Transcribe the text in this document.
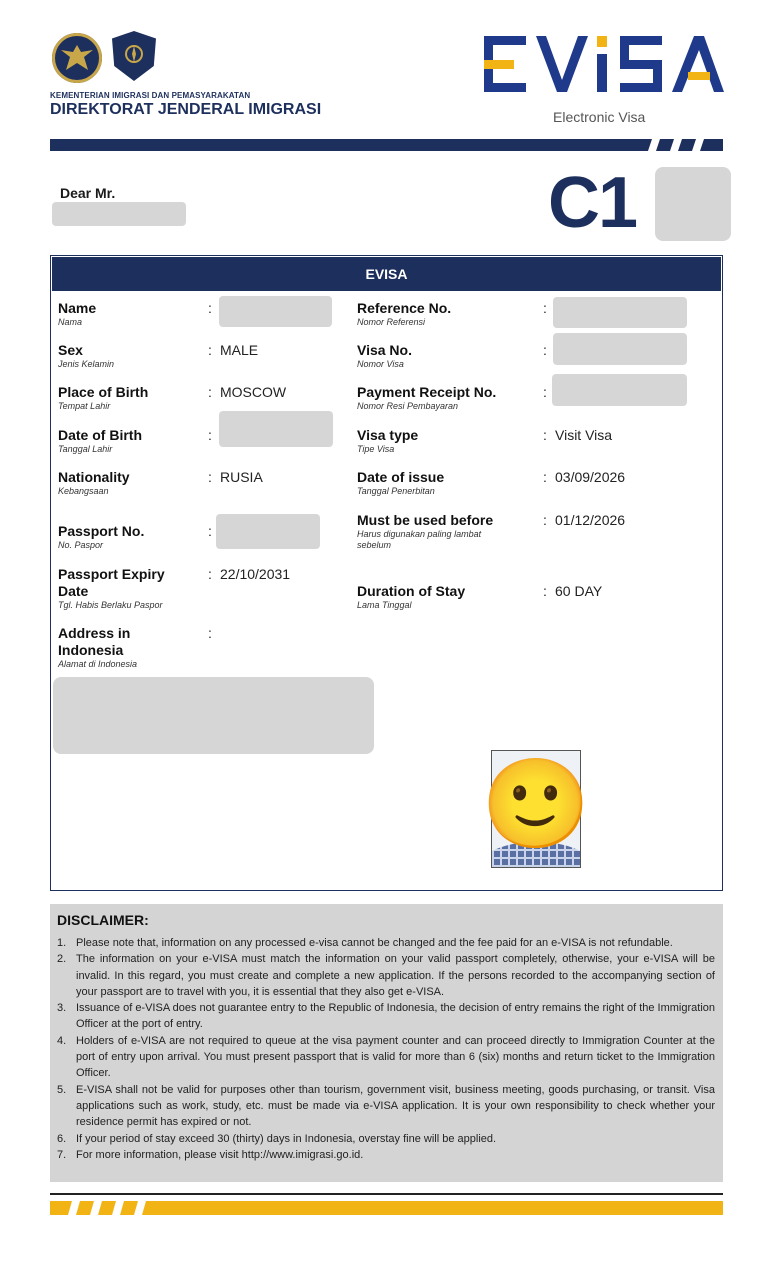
KEMENTERIAN IMIGRASI DAN PEMASYARAKATAN
DIREKTORAT JENDERAL IMIGRASI	Electronic Visa
Dear Mr.	C1
EVISA
Name
Nama
:
Sex
Jenis Kelamin
: MALE
Place of Birth
Tempat Lahir
: MOSCOW
Date of Birth
Tanggal Lahir
:
Nationality
Kebangsaan
: RUSIA
Passport No.
No. Paspor
:
Passport Expiry Date
Tgl. Habis Berlaku Paspor
: 22/10/2031
Address in Indonesia
Alamat di Indonesia
:
Reference No.
Nomor Referensi
:
Visa No.
Nomor Visa
:
Payment Receipt No.
Nomor Resi Pembayaran
:
Visa type
Tipe Visa
: Visit Visa
Date of issue
Tanggal Penerbitan
: 03/09/2026
Must be used before
Harus digunakan paling lambat sebelum
: 01/12/2026
Duration of Stay
Lama Tinggal
: 60 DAY
🙂
DISCLAIMER:
1. Please note that, information on any processed e-visa cannot be changed and the fee paid for an e-VISA is not refundable.
2. The information on your e-VISA must match the information on your valid passport completely, otherwise, your e-VISA will be invalid. In this regard, you must create and complete a new application. If the persons recorded to the accompanying section of your passport are to travel with you, it is essential that they also get e-VISA.
3. Issuance of e-VISA does not guarantee entry to the Republic of Indonesia, the decision of entry remains the right of the Immigration Officer at the port of entry.
4. Holders of e-VISA are not required to queue at the visa payment counter and can proceed directly to Immigration Counter at the port of entry upon arrival. You must present passport that is valid for more than 6 (six) months and return ticket to the Immigration Officer.
5. E-VISA shall not be valid for purposes other than tourism, government visit, business meeting, goods purchasing, or transit. Visa applications such as work, study, etc. must be made via e-VISA application. It is your own responsibility to check whether your residence permit has expired or not.
6. If your period of stay exceed 30 (thirty) days in Indonesia, overstay fine will be applied.
7. For more information, please visit http://www.imigrasi.go.id.
